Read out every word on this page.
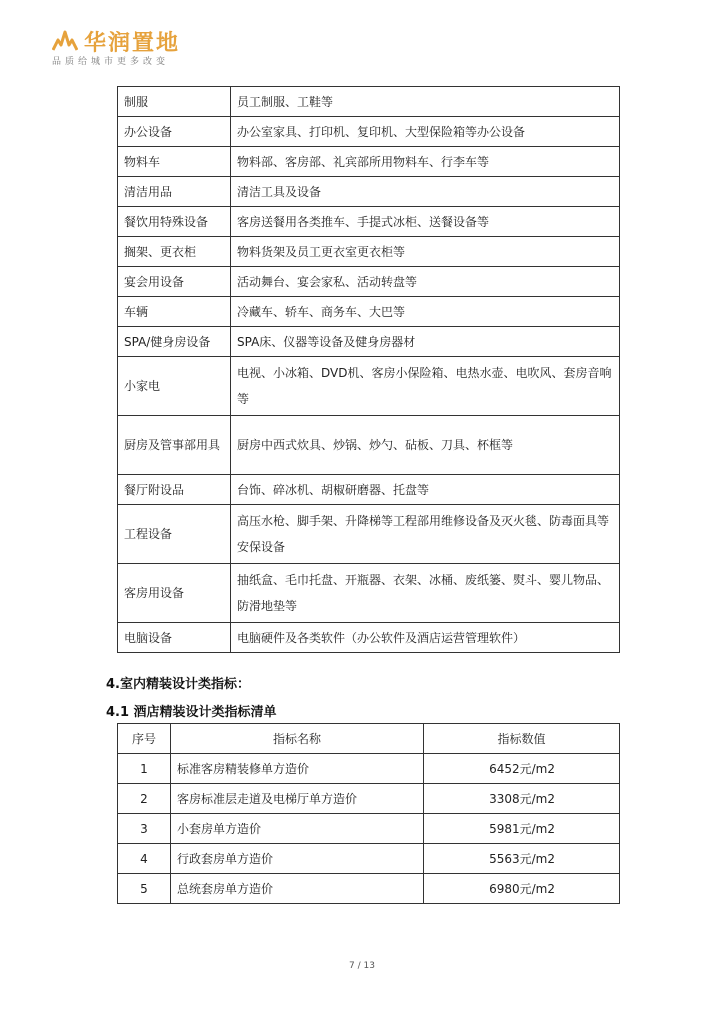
华润置地
品质给城市更多改变
制服	员工制服、工鞋等
办公设备	办公室家具、打印机、复印机、大型保险箱等办公设备
物料车	物料部、客房部、礼宾部所用物料车、行李车等
清洁用品	清洁工具及设备
餐饮用特殊设备	客房送餐用各类推车、手提式冰柜、送餐设备等
搁架、更衣柜	物料货架及员工更衣室更衣柜等
宴会用设备	活动舞台、宴会家私、活动转盘等
车辆	冷藏车、轿车、商务车、大巴等
SPA/健身房设备	SPA床、仪器等设备及健身房器材
小家电	电视、小冰箱、DVD机、客房小保险箱、电热水壶、电吹风、套房音响等
厨房及管事部用具	厨房中西式炊具、炒锅、炒勺、砧板、刀具、杯框等
餐厅附设品	台饰、碎冰机、胡椒研磨器、托盘等
工程设备	高压水枪、脚手架、升降梯等工程部用维修设备及灭火毯、防毒面具等安保设备
客房用设备	抽纸盒、毛巾托盘、开瓶器、衣架、冰桶、废纸篓、熨斗、婴儿物品、防滑地垫等
电脑设备	电脑硬件及各类软件（办公软件及酒店运营管理软件）
4.室内精装设计类指标：
4.1 酒店精装设计类指标清单
序号	指标名称	指标数值
1	标准客房精装修单方造价	6452元/m2
2	客房标准层走道及电梯厅单方造价	3308元/m2
3	小套房单方造价	5981元/m2
4	行政套房单方造价	5563元/m2
5	总统套房单方造价	6980元/m2
7 / 13
